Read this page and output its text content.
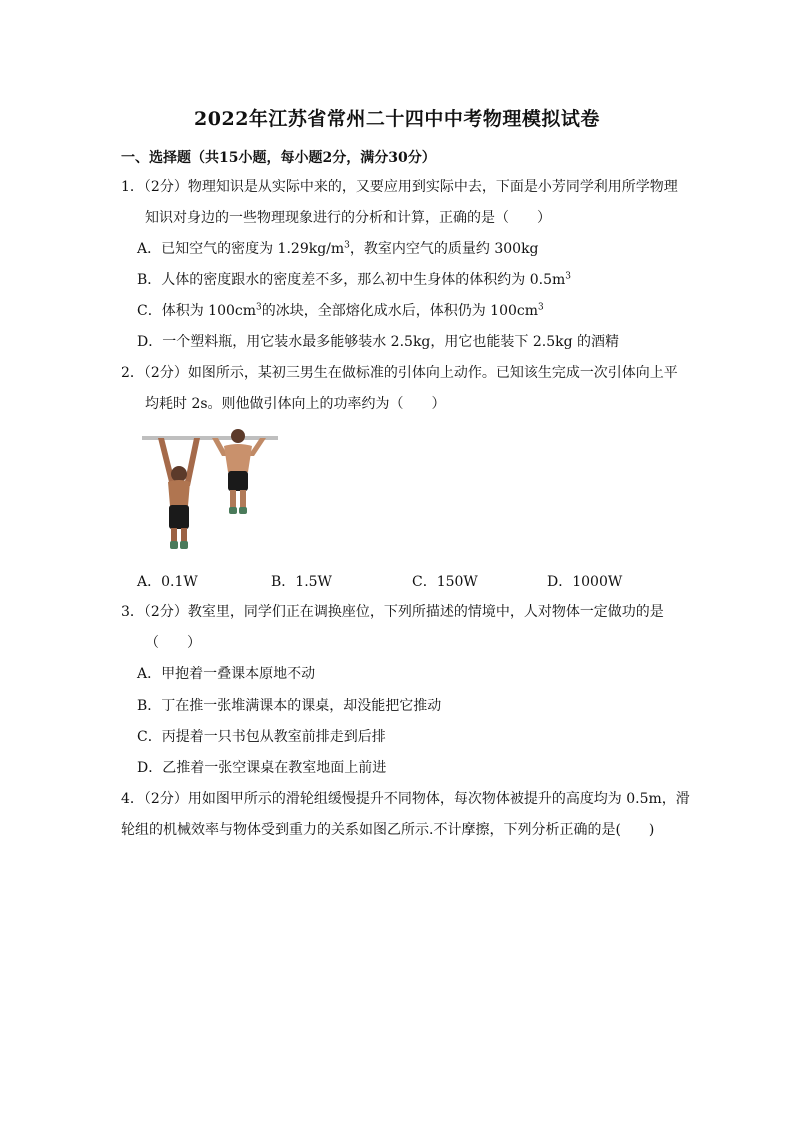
2022年江苏省常州二十四中中考物理模拟试卷
一、选择题（共15小题，每小题2分，满分30分）
1．（2分）物理知识是从实际中来的，又要应用到实际中去，下面是小芳同学利用所学物理
知识对身边的一些物理现象进行的分析和计算，正确的是（　　）
A．已知空气的密度为 $1.29kg/m^3$，教室内空气的质量约 300kg
B．人体的密度跟水的密度差不多，那么初中生身体的体积约为 $0.5m^3$
C．体积为 $100cm^3$的冰块，全部熔化成水后，体积仍为 $100cm^3$
D．一个塑料瓶，用它装水最多能够装水 2.5kg，用它也能装下 2.5kg 的酒精
2．（2分）如图所示，某初三男生在做标准的引体向上动作。已知该生完成一次引体向上平
均耗时 2s。则他做引体向上的功率约为（　　）
A．0.1W	B．1.5W	C．150W	D．1000W
3．（2分）教室里，同学们正在调换座位，下列所描述的情境中，人对物体一定做功的是
（　　）
A．甲抱着一叠课本原地不动
B．丁在推一张堆满课本的课桌，却没能把它推动
C．丙提着一只书包从教室前排走到后排
D．乙推着一张空课桌在教室地面上前进
4．（2分）用如图甲所示的滑轮组缓慢提升不同物体，每次物体被提升的高度均为 0.5m，滑
轮组的机械效率与物体受到重力的关系如图乙所示.不计摩擦，下列分析正确的是(　　)
